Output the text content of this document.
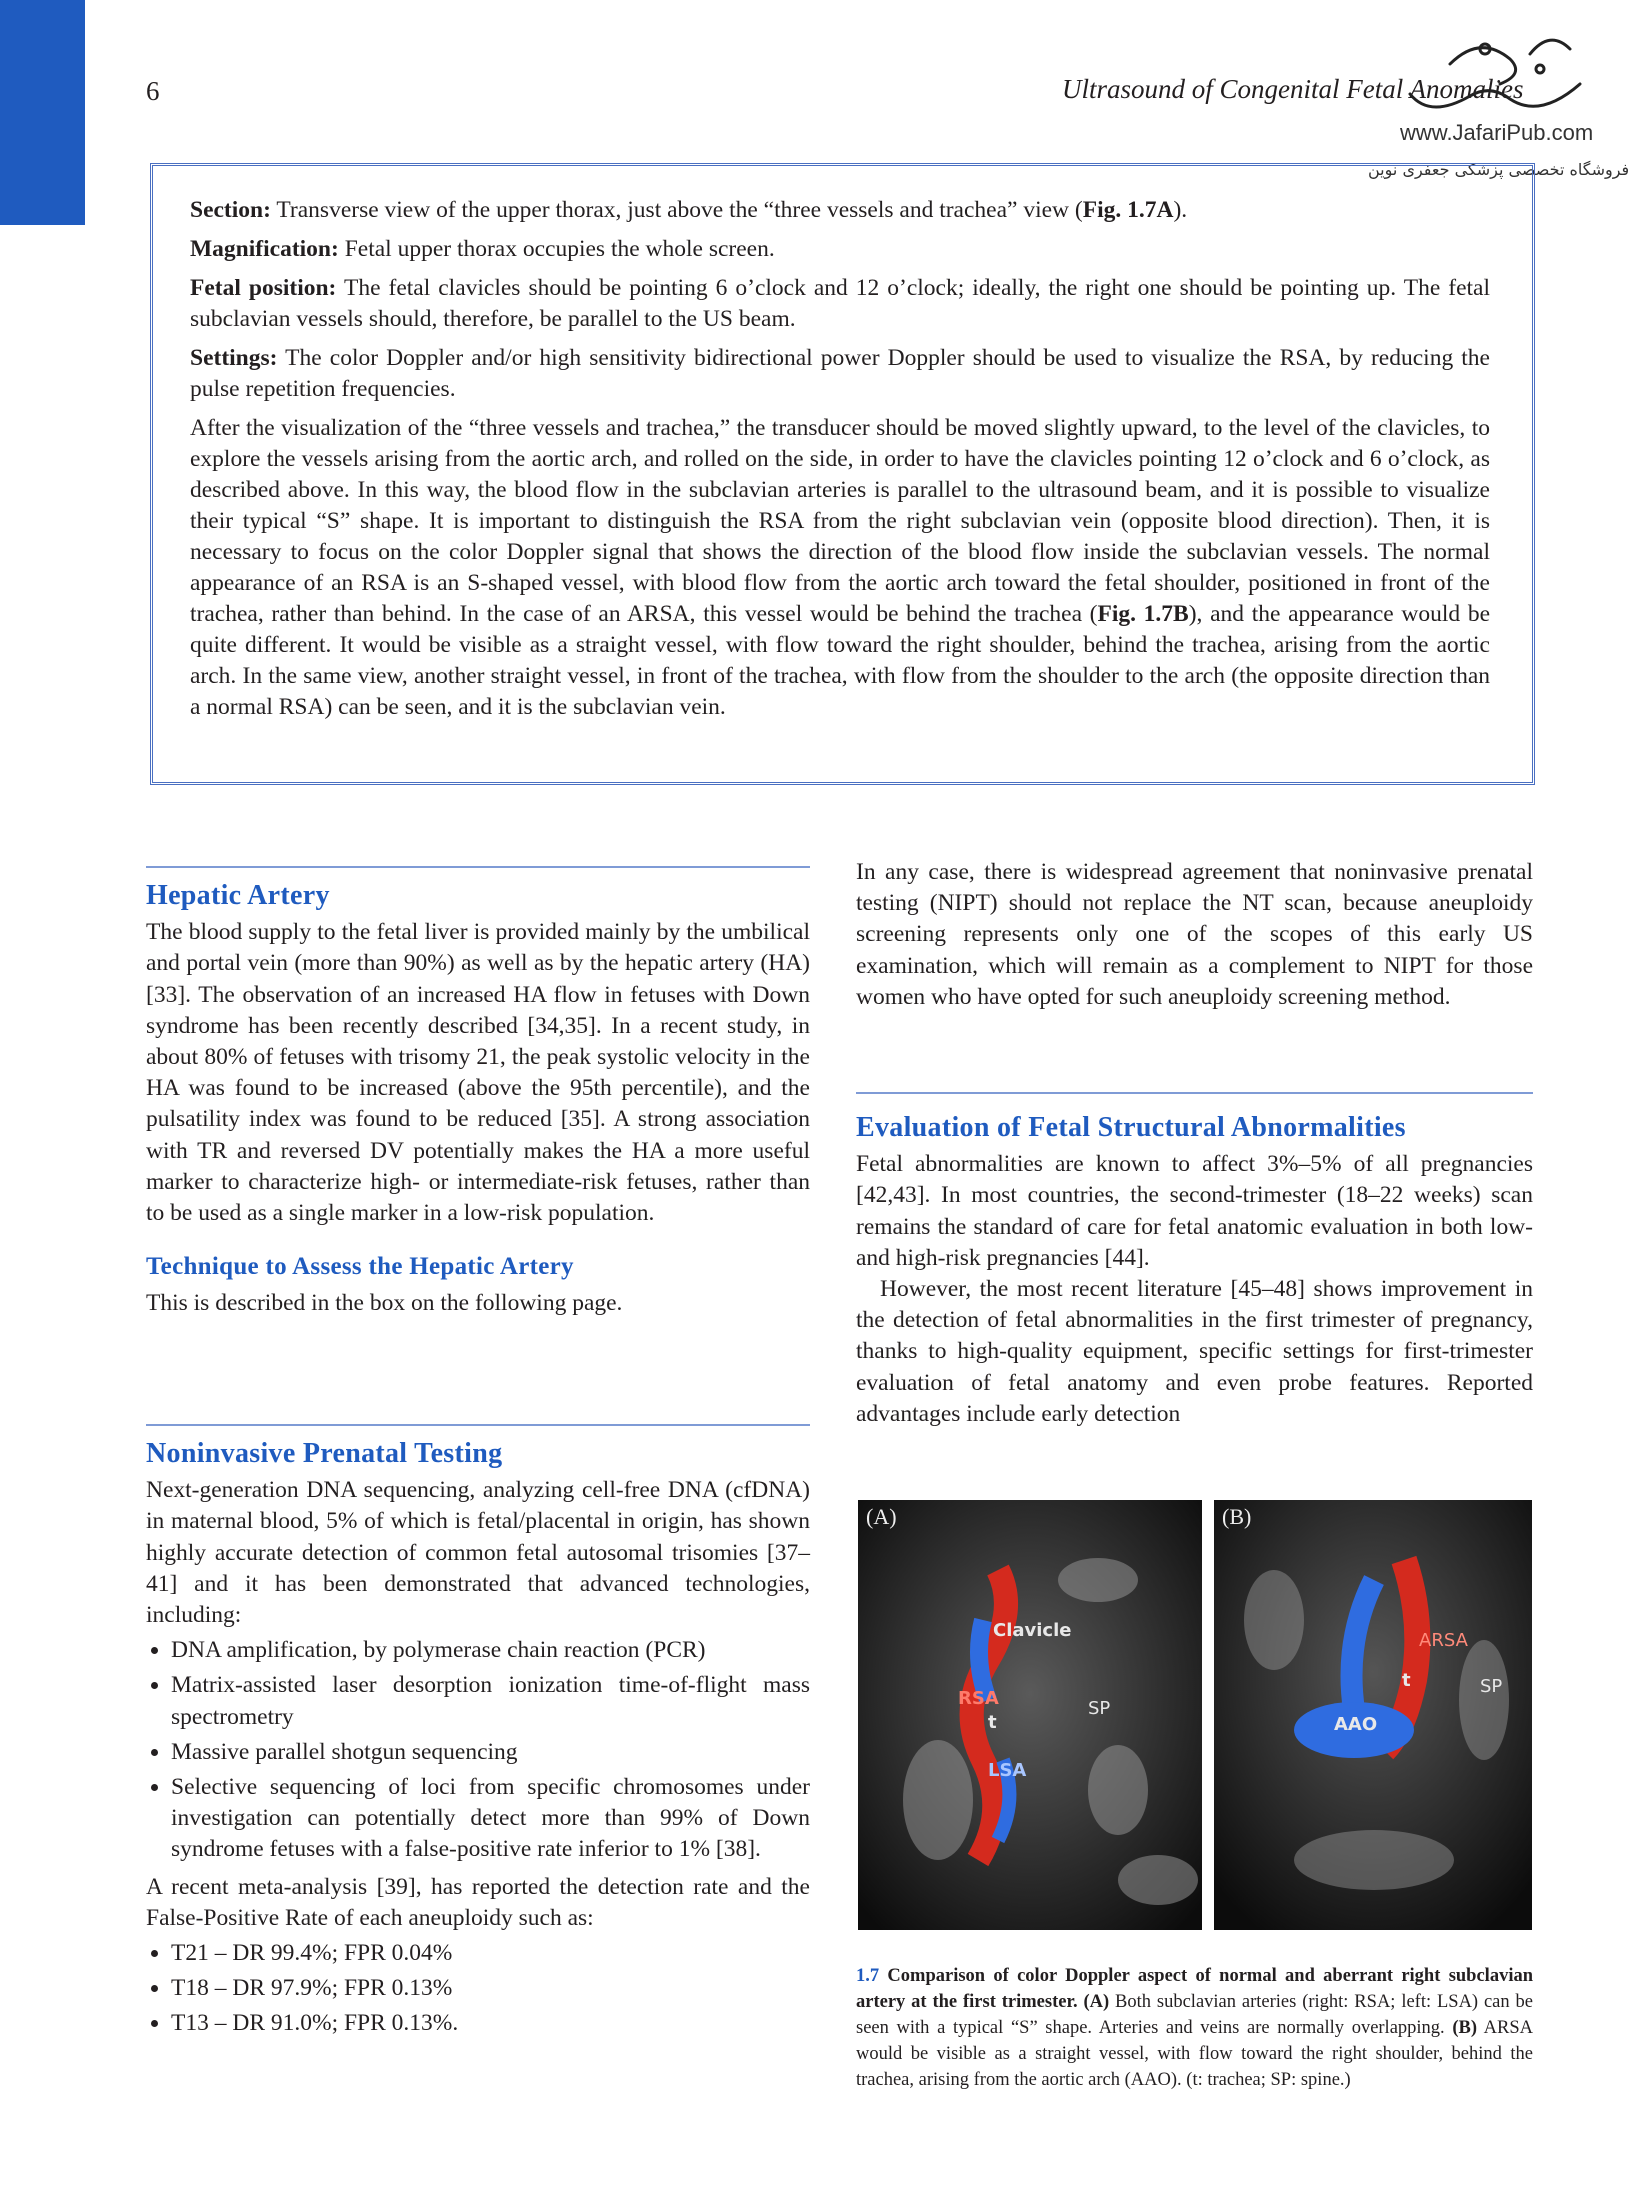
6	Ultrasound of Congenital Fetal Anomalies
www.JafariPub.com
فروشگاه تخصصی پزشکی جعفری نوین

Section: Transverse view of the upper thorax, just above the “three vessels and trachea” view (Fig. 1.7A).

Magnification: Fetal upper thorax occupies the whole screen.

Fetal position: The fetal clavicles should be pointing 6 o’clock and 12 o’clock; ideally, the right one should be pointing up. The fetal subclavian vessels should, therefore, be parallel to the US beam.

Settings: The color Doppler and/or high sensitivity bidirectional power Doppler should be used to visualize the RSA, by reducing the pulse repetition frequencies.

After the visualization of the “three vessels and trachea,” the transducer should be moved slightly upward, to the level of the clavicles, to explore the vessels arising from the aortic arch, and rolled on the side, in order to have the clavicles pointing 12 o’clock and 6 o’clock, as described above. In this way, the blood flow in the subclavian arteries is parallel to the ultrasound beam, and it is possible to visualize their typical “S” shape. It is important to distinguish the RSA from the right subclavian vein (opposite blood direction). Then, it is necessary to focus on the color Doppler signal that shows the direction of the blood flow inside the subclavian vessels. The normal appearance of an RSA is an S-shaped vessel, with blood flow from the aortic arch toward the fetal shoulder, positioned in front of the trachea, rather than behind. In the case of an ARSA, this vessel would be behind the trachea (Fig. 1.7B), and the appearance would be quite different. It would be visible as a straight vessel, with flow toward the right shoulder, behind the trachea, arising from the aortic arch. In the same view, another straight vessel, in front of the trachea, with flow from the shoulder to the arch (the opposite direction than a normal RSA) can be seen, and it is the subclavian vein.

Hepatic Artery

The blood supply to the fetal liver is provided mainly by the umbilical and portal vein (more than 90%) as well as by the hepatic artery (HA) [33]. The observation of an increased HA flow in fetuses with Down syndrome has been recently described [34,35]. In a recent study, in about 80% of fetuses with trisomy 21, the peak systolic velocity in the HA was found to be increased (above the 95th percentile), and the pulsatility index was found to be reduced [35]. A strong association with TR and reversed DV potentially makes the HA a more useful marker to characterize high- or intermediate-risk fetuses, rather than to be used as a single marker in a low-risk population.

Technique to Assess the Hepatic Artery

This is described in the box on the following page.

Noninvasive Prenatal Testing

Next-generation DNA sequencing, analyzing cell-free DNA (cfDNA) in maternal blood, 5% of which is fetal/placental in origin, has shown highly accurate detection of common fetal autosomal trisomies [37–41] and it has been demonstrated that advanced technologies, including:

• DNA amplification, by polymerase chain reaction (PCR)
• Matrix-assisted laser desorption ionization time-of-flight mass spectrometry
• Massive parallel shotgun sequencing
• Selective sequencing of loci from specific chromosomes under investigation can potentially detect more than 99% of Down syndrome fetuses with a false-positive rate inferior to 1% [38].

A recent meta-analysis [39], has reported the detection rate and the False-Positive Rate of each aneuploidy such as:

• T21 – DR 99.4%; FPR 0.04%
• T18 – DR 97.9%; FPR 0.13%
• T13 – DR 91.0%; FPR 0.13%.

In any case, there is widespread agreement that noninvasive prenatal testing (NIPT) should not replace the NT scan, because aneuploidy screening represents only one of the scopes of this early US examination, which will remain as a complement to NIPT for those women who have opted for such aneuploidy screening method.

Evaluation of Fetal Structural Abnormalities

Fetal abnormalities are known to affect 3%–5% of all pregnancies [42,43]. In most countries, the second-trimester (18–22 weeks) scan remains the standard of care for fetal anatomic evaluation in both low- and high-risk pregnancies [44].

However, the most recent literature [45–48] shows improvement in the detection of fetal abnormalities in the first trimester of pregnancy, thanks to high-quality equipment, specific settings for first-trimester evaluation of fetal anatomy and even probe features. Reported advantages include early detection

(A)
Clavicle
RSA
t
SP
LSA
(B)
ARSA
t	SP
AAO
1.7 Comparison of color Doppler aspect of normal and aberrant right subclavian artery at the first trimester. (A) Both subclavian arteries (right: RSA; left: LSA) can be seen with a typical “S” shape. Arteries and veins are normally overlapping. (B) ARSA would be visible as a straight vessel, with flow toward the right shoulder, behind the trachea, arising from the aortic arch (AAO). (t: trachea; SP: spine.)
